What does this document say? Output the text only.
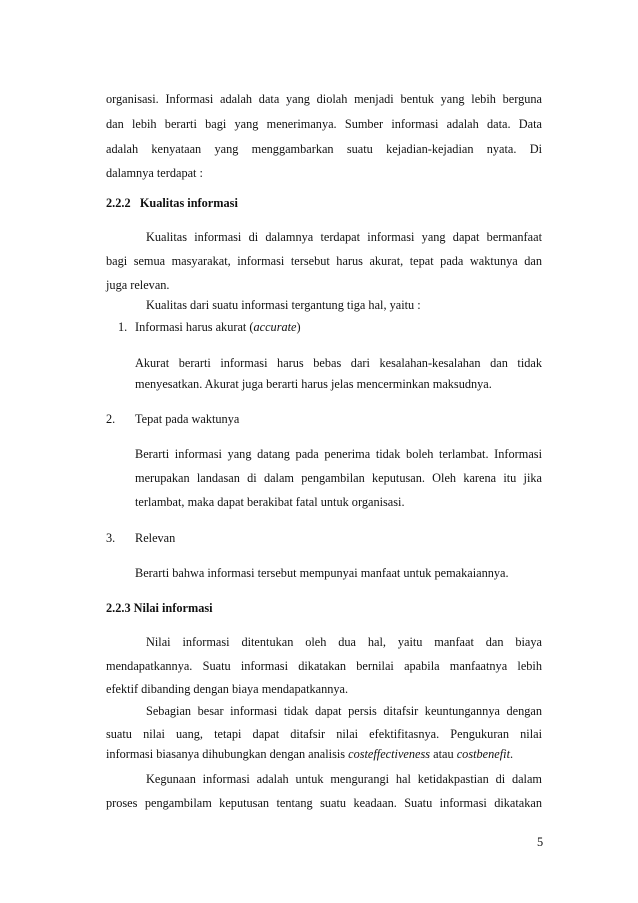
organisasi. Informasi adalah data yang diolah menjadi bentuk yang lebih berguna
dan lebih berarti bagi yang menerimanya. Sumber informasi adalah data. Data
adalah kenyataan yang menggambarkan suatu kejadian-kejadian nyata. Di
dalamnya terdapat :
2.2.2   Kualitas informasi
Kualitas informasi di dalamnya terdapat informasi yang dapat bermanfaat
bagi semua masyarakat, informasi tersebut harus akurat, tepat pada waktunya dan
juga relevan.
Kualitas dari suatu informasi tergantung tiga hal, yaitu :
1. Informasi harus akurat (accurate)
Akurat berarti informasi harus bebas dari kesalahan-kesalahan dan tidak
menyesatkan. Akurat juga berarti harus jelas mencerminkan maksudnya.
2. Tepat pada waktunya
Berarti informasi yang datang pada penerima tidak boleh terlambat. Informasi
merupakan landasan di dalam pengambilan keputusan. Oleh karena itu jika
terlambat, maka dapat berakibat fatal untuk organisasi.
3. Relevan
Berarti bahwa informasi tersebut mempunyai manfaat untuk pemakaiannya.
2.2.3 Nilai informasi
Nilai informasi ditentukan oleh dua hal, yaitu manfaat dan biaya
mendapatkannya. Suatu informasi dikatakan bernilai apabila manfaatnya lebih
efektif dibanding dengan biaya mendapatkannya.
Sebagian besar informasi tidak dapat persis ditafsir keuntungannya dengan
suatu nilai uang, tetapi dapat ditafsir nilai efektifitasnya. Pengukuran nilai
informasi biasanya dihubungkan dengan analisis costeffectiveness atau costbenefit.
Kegunaan informasi adalah untuk mengurangi hal ketidakpastian di dalam
proses pengambilam keputusan tentang suatu keadaan. Suatu informasi dikatakan
5
